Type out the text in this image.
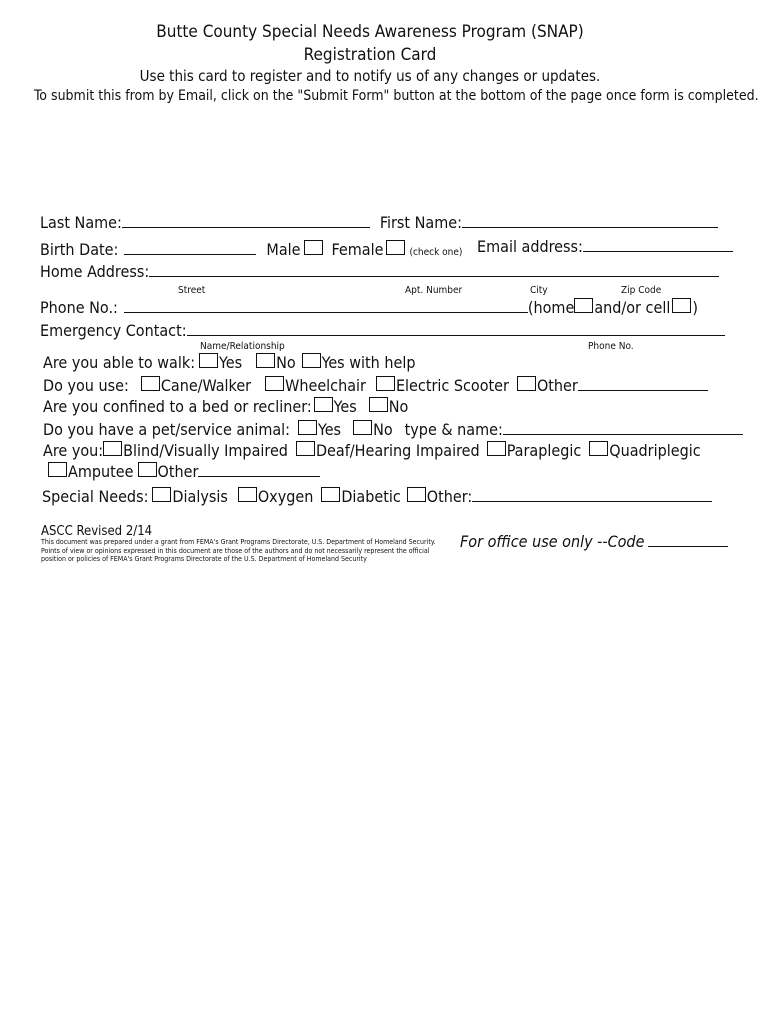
Butte County Special Needs Awareness Program (SNAP)
Registration Card
Use this card to register and to notify us of any changes or updates.
To submit this from by Email, click on the "Submit Form" button at the bottom of the page once form is completed.
Last Name:	First Name:
Birth Date:	Male Female	(check one) Email address:
Home Address:
Street	Apt. Number	City	Zip Code
Phone No.:	(home and/or cell )
Emergency Contact:
Name/Relationship	Phone No.
Are you able to walk: Yes No Yes with help
Do you use: Cane/Walker Wheelchair Electric Scooter Other
Are you confined to a bed or recliner: Yes No
Do you have a pet/service animal: Yes No type & name:
Are you: Blind/Visually Impaired Deaf/Hearing Impaired Paraplegic Quadriplegic
Amputee Other
Special Needs: Dialysis Oxygen Diabetic Other:
ASCC Revised 2/14
This document was prepared under a grant from FEMA's Grant Programs Directorate, U.S. Department of Homeland Security. Points of view or opinions expressed in this document are those of the authors and do not necessarily represent the official position or policies of FEMA's Grant Programs Directorate of the U.S. Department of Homeland Security
For office use only --Code
